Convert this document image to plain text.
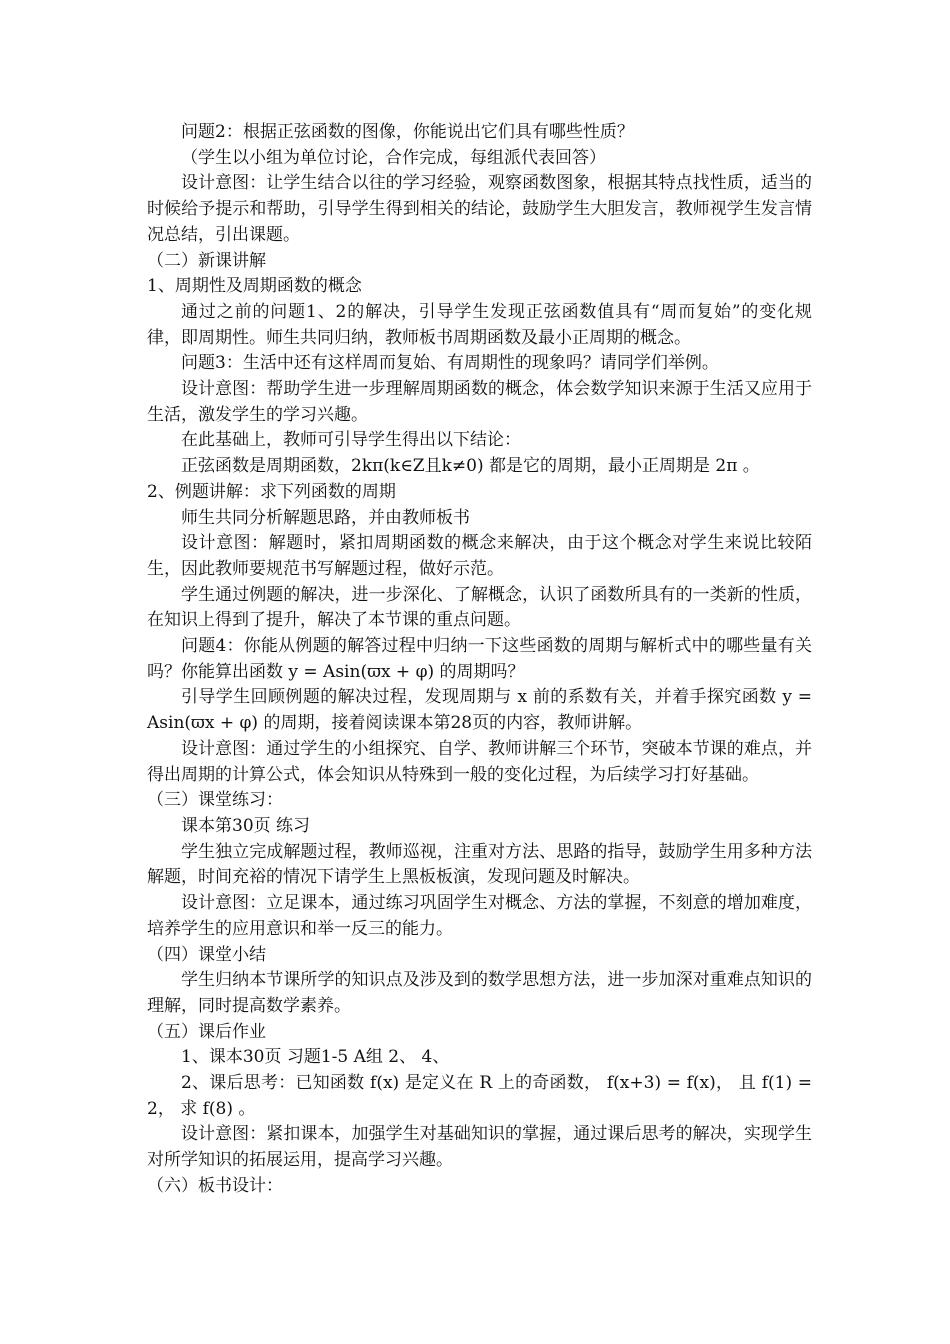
问题2：根据正弦函数的图像，你能说出它们具有哪些性质？

（学生以小组为单位讨论，合作完成，每组派代表回答）

设计意图：让学生结合以往的学习经验，观察函数图象，根据其特点找性质，适当的时候给予提示和帮助，引导学生得到相关的结论，鼓励学生大胆发言，教师视学生发言情况总结，引出课题。

（二）新课讲解

1、周期性及周期函数的概念

通过之前的问题1、2的解决，引导学生发现正弦函数值具有“周而复始”的变化规律，即周期性。师生共同归纳，教师板书周期函数及最小正周期的概念。

问题3：生活中还有这样周而复始、有周期性的现象吗？请同学们举例。

设计意图：帮助学生进一步理解周期函数的概念，体会数学知识来源于生活又应用于生活，激发学生的学习兴趣。

在此基础上，教师可引导学生得出以下结论：

正弦函数是周期函数，2kπ(k∈Z且k≠0) 都是它的周期，最小正周期是 2π 。

2、例题讲解：求下列函数的周期

师生共同分析解题思路，并由教师板书

设计意图：解题时，紧扣周期函数的概念来解决，由于这个概念对学生来说比较陌生，因此教师要规范书写解题过程，做好示范。

学生通过例题的解决，进一步深化、了解概念，认识了函数所具有的一类新的性质，在知识上得到了提升，解决了本节课的重点问题。

问题4：你能从例题的解答过程中归纳一下这些函数的周期与解析式中的哪些量有关吗？你能算出函数 y = Asin(ϖx + φ) 的周期吗？

引导学生回顾例题的解决过程，发现周期与 x 前的系数有关，并着手探究函数 y = Asin(ϖx + φ) 的周期，接着阅读课本第28页的内容，教师讲解。

设计意图：通过学生的小组探究、自学、教师讲解三个环节，突破本节课的难点，并得出周期的计算公式，体会知识从特殊到一般的变化过程，为后续学习打好基础。

（三）课堂练习：

课本第30页 练习

学生独立完成解题过程，教师巡视，注重对方法、思路的指导，鼓励学生用多种方法解题，时间充裕的情况下请学生上黑板板演，发现问题及时解决。

设计意图：立足课本，通过练习巩固学生对概念、方法的掌握，不刻意的增加难度，培养学生的应用意识和举一反三的能力。

（四）课堂小结

学生归纳本节课所学的知识点及涉及到的数学思想方法，进一步加深对重难点知识的理解，同时提高数学素养。

（五）课后作业

1、课本30页 习题1-5 A组 2、 4、

2、课后思考：已知函数 f(x) 是定义在 R 上的奇函数， f(x+3) = f(x)， 且 f(1) = 2， 求 f(8) 。

设计意图：紧扣课本，加强学生对基础知识的掌握，通过课后思考的解决，实现学生对所学知识的拓展运用，提高学习兴趣。

（六）板书设计：
